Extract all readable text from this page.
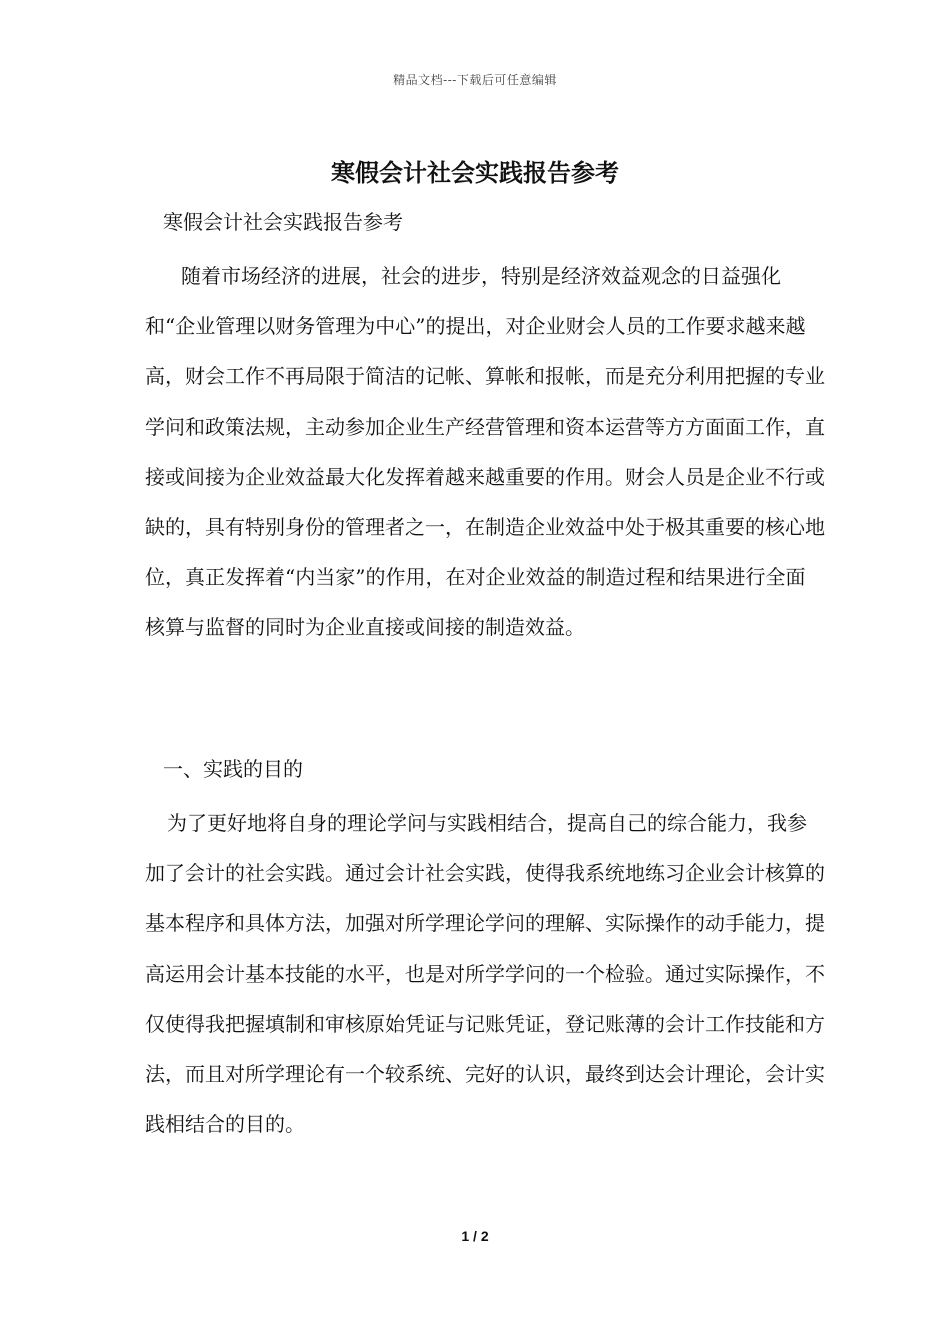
精品文档---下载后可任意编辑
寒假会计社会实践报告参考
寒假会计社会实践报告参考
随着市场经济的进展，社会的进步，特别是经济效益观念的日益强化和“企业管理以财务管理为中心”的提出，对企业财会人员的工作要求越来越高，财会工作不再局限于简洁的记帐、算帐和报帐，而是充分利用把握的专业学问和政策法规，主动参加企业生产经营管理和资本运营等方方面面工作，直接或间接为企业效益最大化发挥着越来越重要的作用。财会人员是企业不行或缺的，具有特别身份的管理者之一，在制造企业效益中处于极其重要的核心地位，真正发挥着“内当家”的作用，在对企业效益的制造过程和结果进行全面核算与监督的同时为企业直接或间接的制造效益。
一、实践的目的
为了更好地将自身的理论学问与实践相结合，提高自己的综合能力，我参加了会计的社会实践。通过会计社会实践，使得我系统地练习企业会计核算的基本程序和具体方法，加强对所学理论学问的理解、实际操作的动手能力，提高运用会计基本技能的水平，也是对所学学问的一个检验。通过实际操作，不仅使得我把握填制和审核原始凭证与记账凭证，登记账薄的会计工作技能和方法，而且对所学理论有一个较系统、完好的认识，最终到达会计理论，会计实践相结合的目的。
1 / 2
